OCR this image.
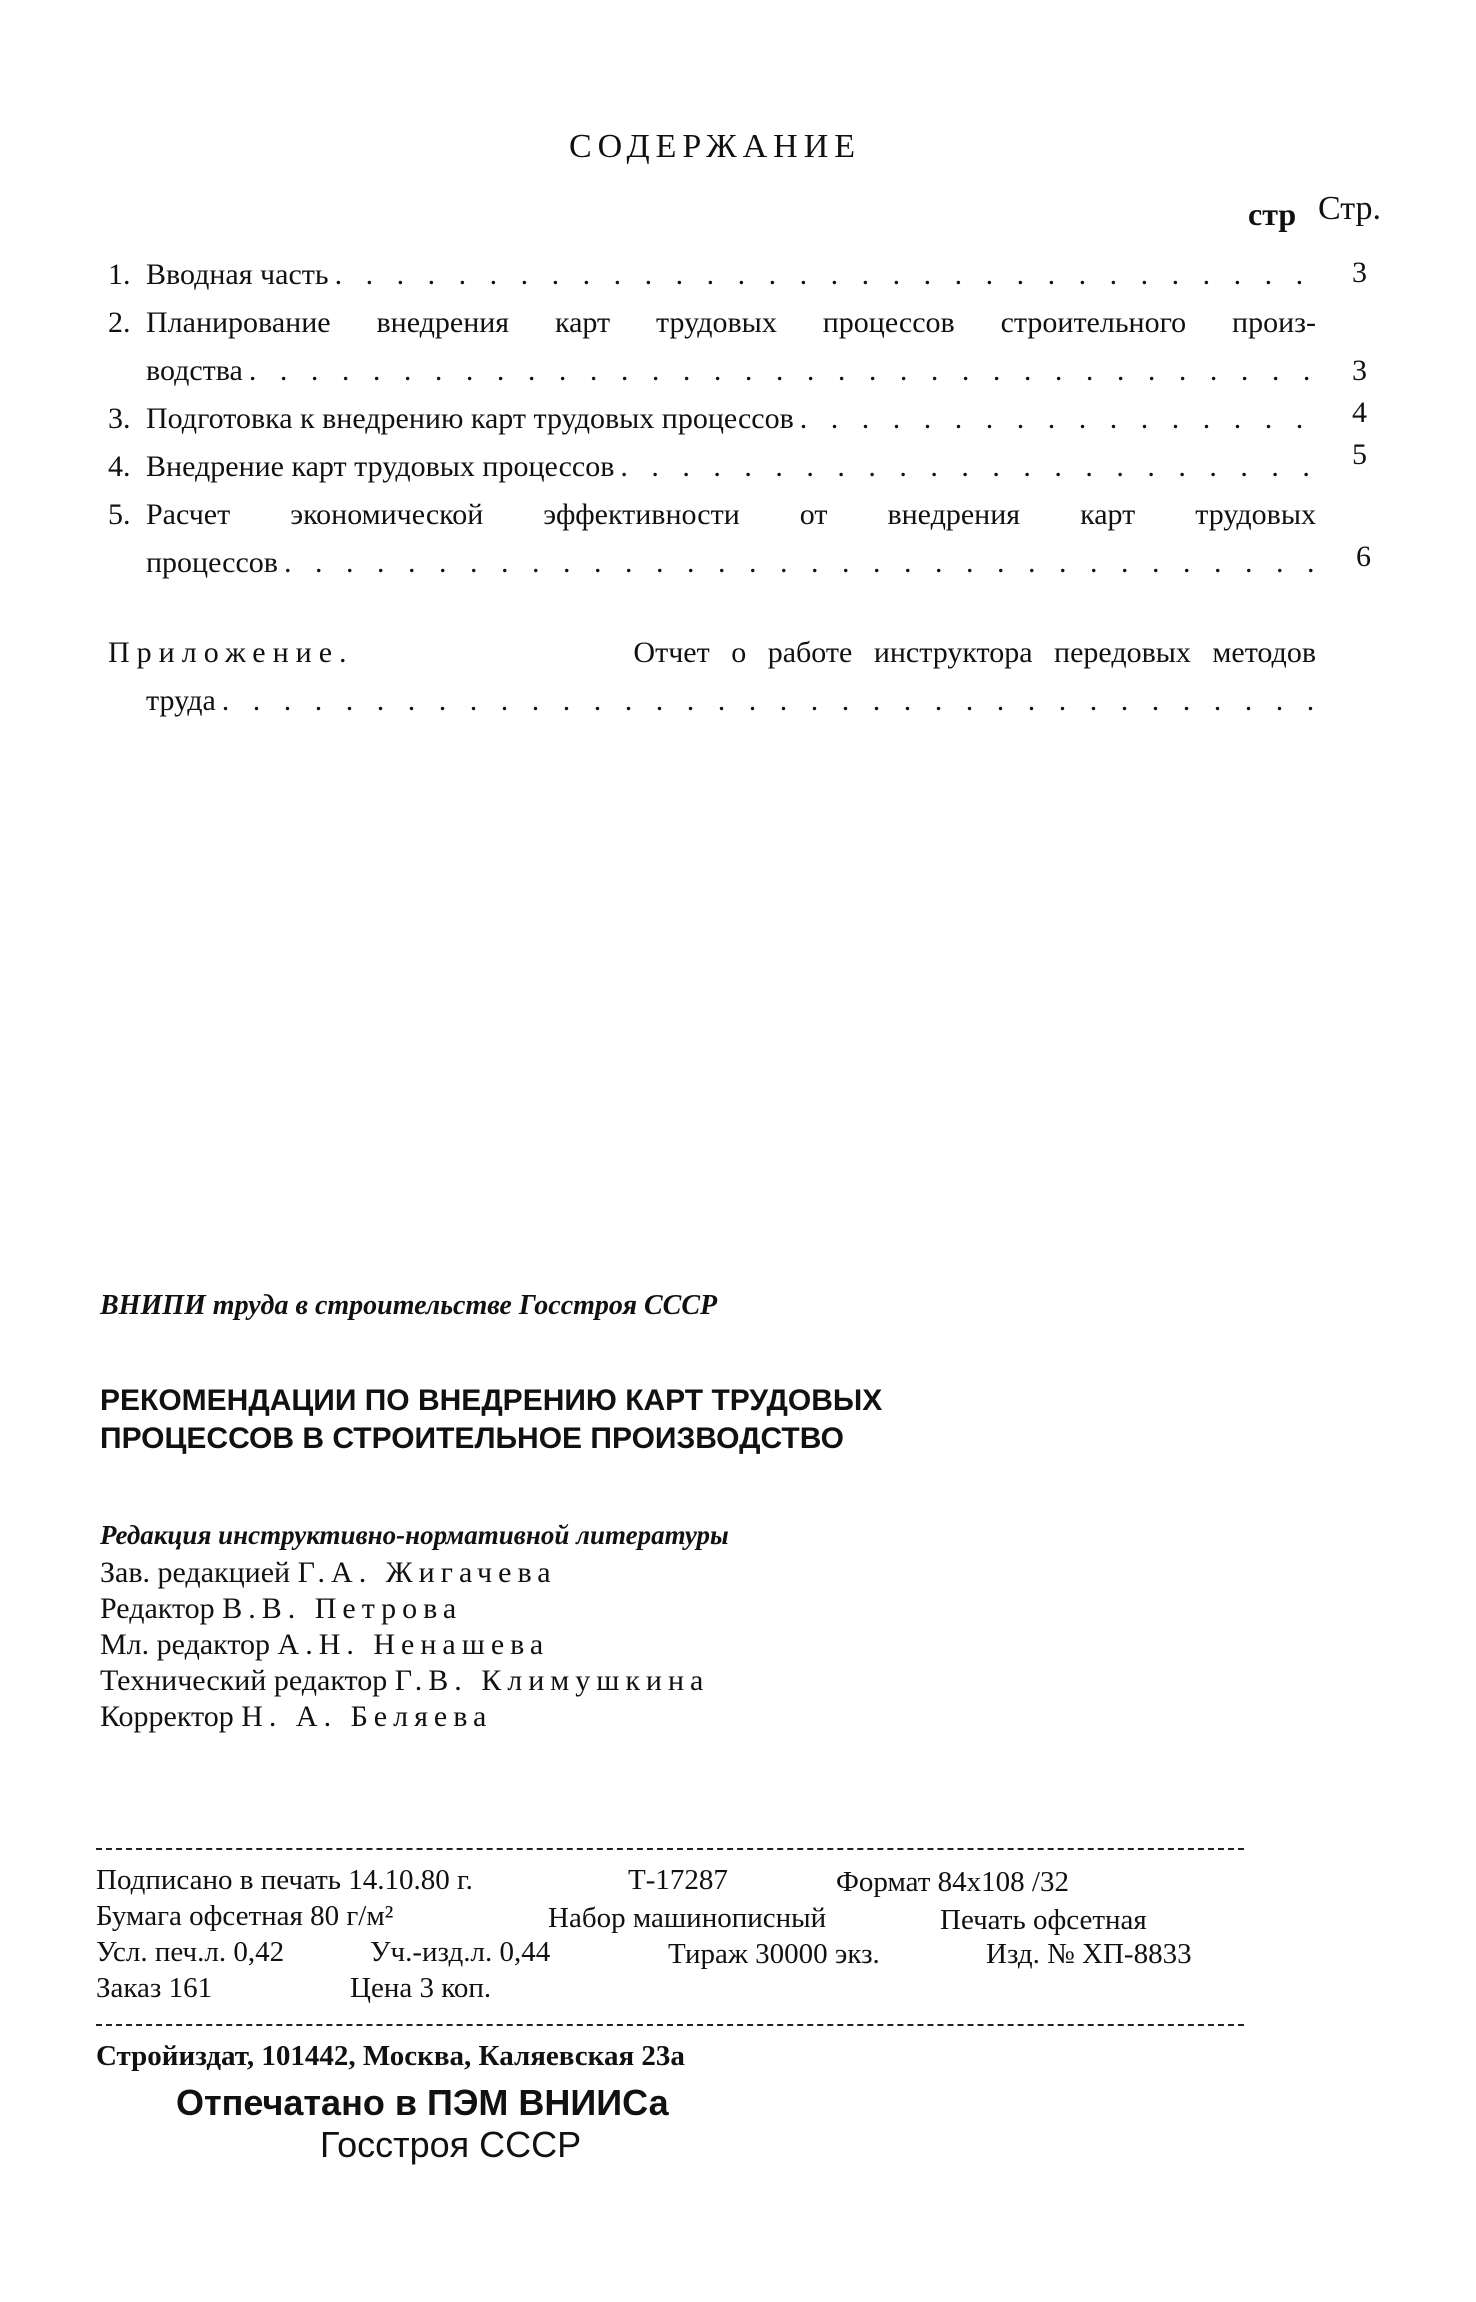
СОДЕРЖАНИЕ
стр Стр.
1. Вводная часть . . .	3
2. Планирование внедрения карт трудовых процессов строительного произ-
водства . . .	3
3. Подготовка к внедрению карт трудовых процессов . . .	4
4. Внедрение карт трудовых процессов . . .	5
5. Расчет экономической эффективности от внедрения карт трудовых
процессов . . .	6
Приложение.	Отчет о работе инструктора передовых методов
труда
. . .
ВНИПИ труда в строительстве Госстроя СССР
РЕКОМЕНДАЦИИ ПО ВНЕДРЕНИЮ КАРТ ТРУДОВЫХ
ПРОЦЕССОВ В СТРОИТЕЛЬНОЕ ПРОИЗВОДСТВО
Редакция инструктивно-нормативной литературы
Зав. редакцией Г.А. Жигачева
Редактор В.В. Петрова
Мл. редактор А.Н. Ненашева
Технический редактор Г.В. Климушкина
Корректор Н. А. Беляева
Подписано в печать 14.10.80 г.	Т-17287	Формат 84x108 /32
Бумага офсетная 80 г/м²	Набор машинописный	Печать офсетная
Усл. печ.л. 0,42	Уч.-изд.л. 0,44	Тираж 30000 экз.	Изд. № ХП-8833
Заказ 161	Цена 3 коп.
Стройиздат, 101442, Москва, Каляевская 23а
Отпечатано в ПЭМ ВНИИСа
Госстроя СССР
